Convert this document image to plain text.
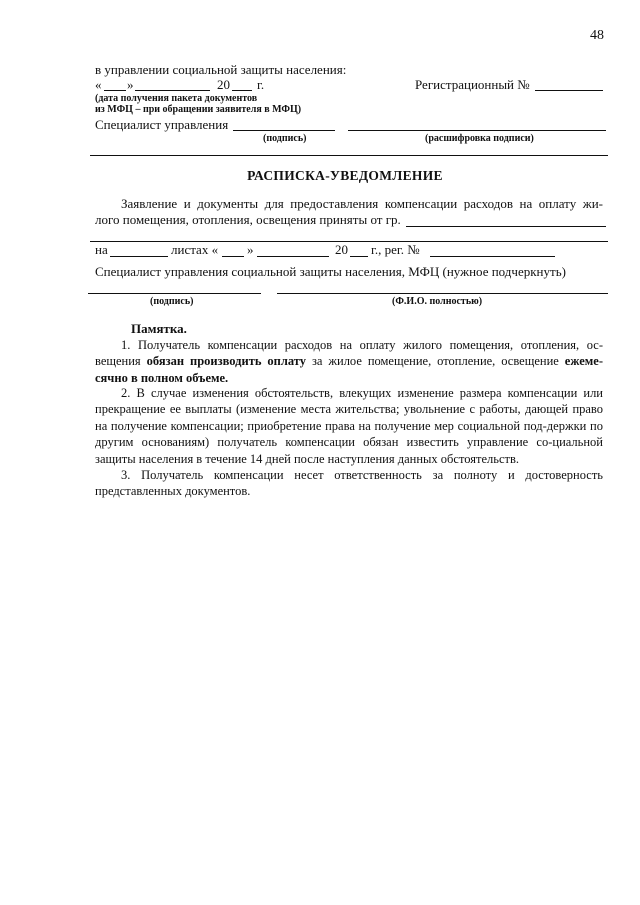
48
в управлении социальной защиты населения:
« »	20 г.	Регистрационный №
(дата получения пакета документов
из МФЦ – при обращении заявителя в МФЦ)
Специалист управления
(подпись)	(расшифровка подписи)
РАСПИСКА-УВЕДОМЛЕНИЕ
Заявление и документы для предоставления компенсации расходов на оплату жи-
лого помещения, отопления, освещения приняты от гр.
на	листах « »	20 г., рег. №
Специалист управления социальной защиты населения, МФЦ (нужное подчеркнуть)
(подпись)	(Ф.И.О. полностью)
Памятка.

1. Получатель компенсации расходов на оплату жилого помещения, отопления, ос-

вещения обязан производить оплату за жилое помещение, отопление, освещение ежеме-

сячно в полном объеме.

2. В случае изменения обстоятельств, влекущих изменение размера компенсации или прекращение ее выплаты (изменение места жительства; увольнение с работы, дающей право на получение компенсации; приобретение права на получение мер социальной под-держки по другим основаниям) получатель компенсации обязан известить управление со-циальной защиты населения в течение 14 дней после наступления данных обстоятельств.
3. Получатель компенсации несет ответственность за полноту и достоверность представленных документов.
